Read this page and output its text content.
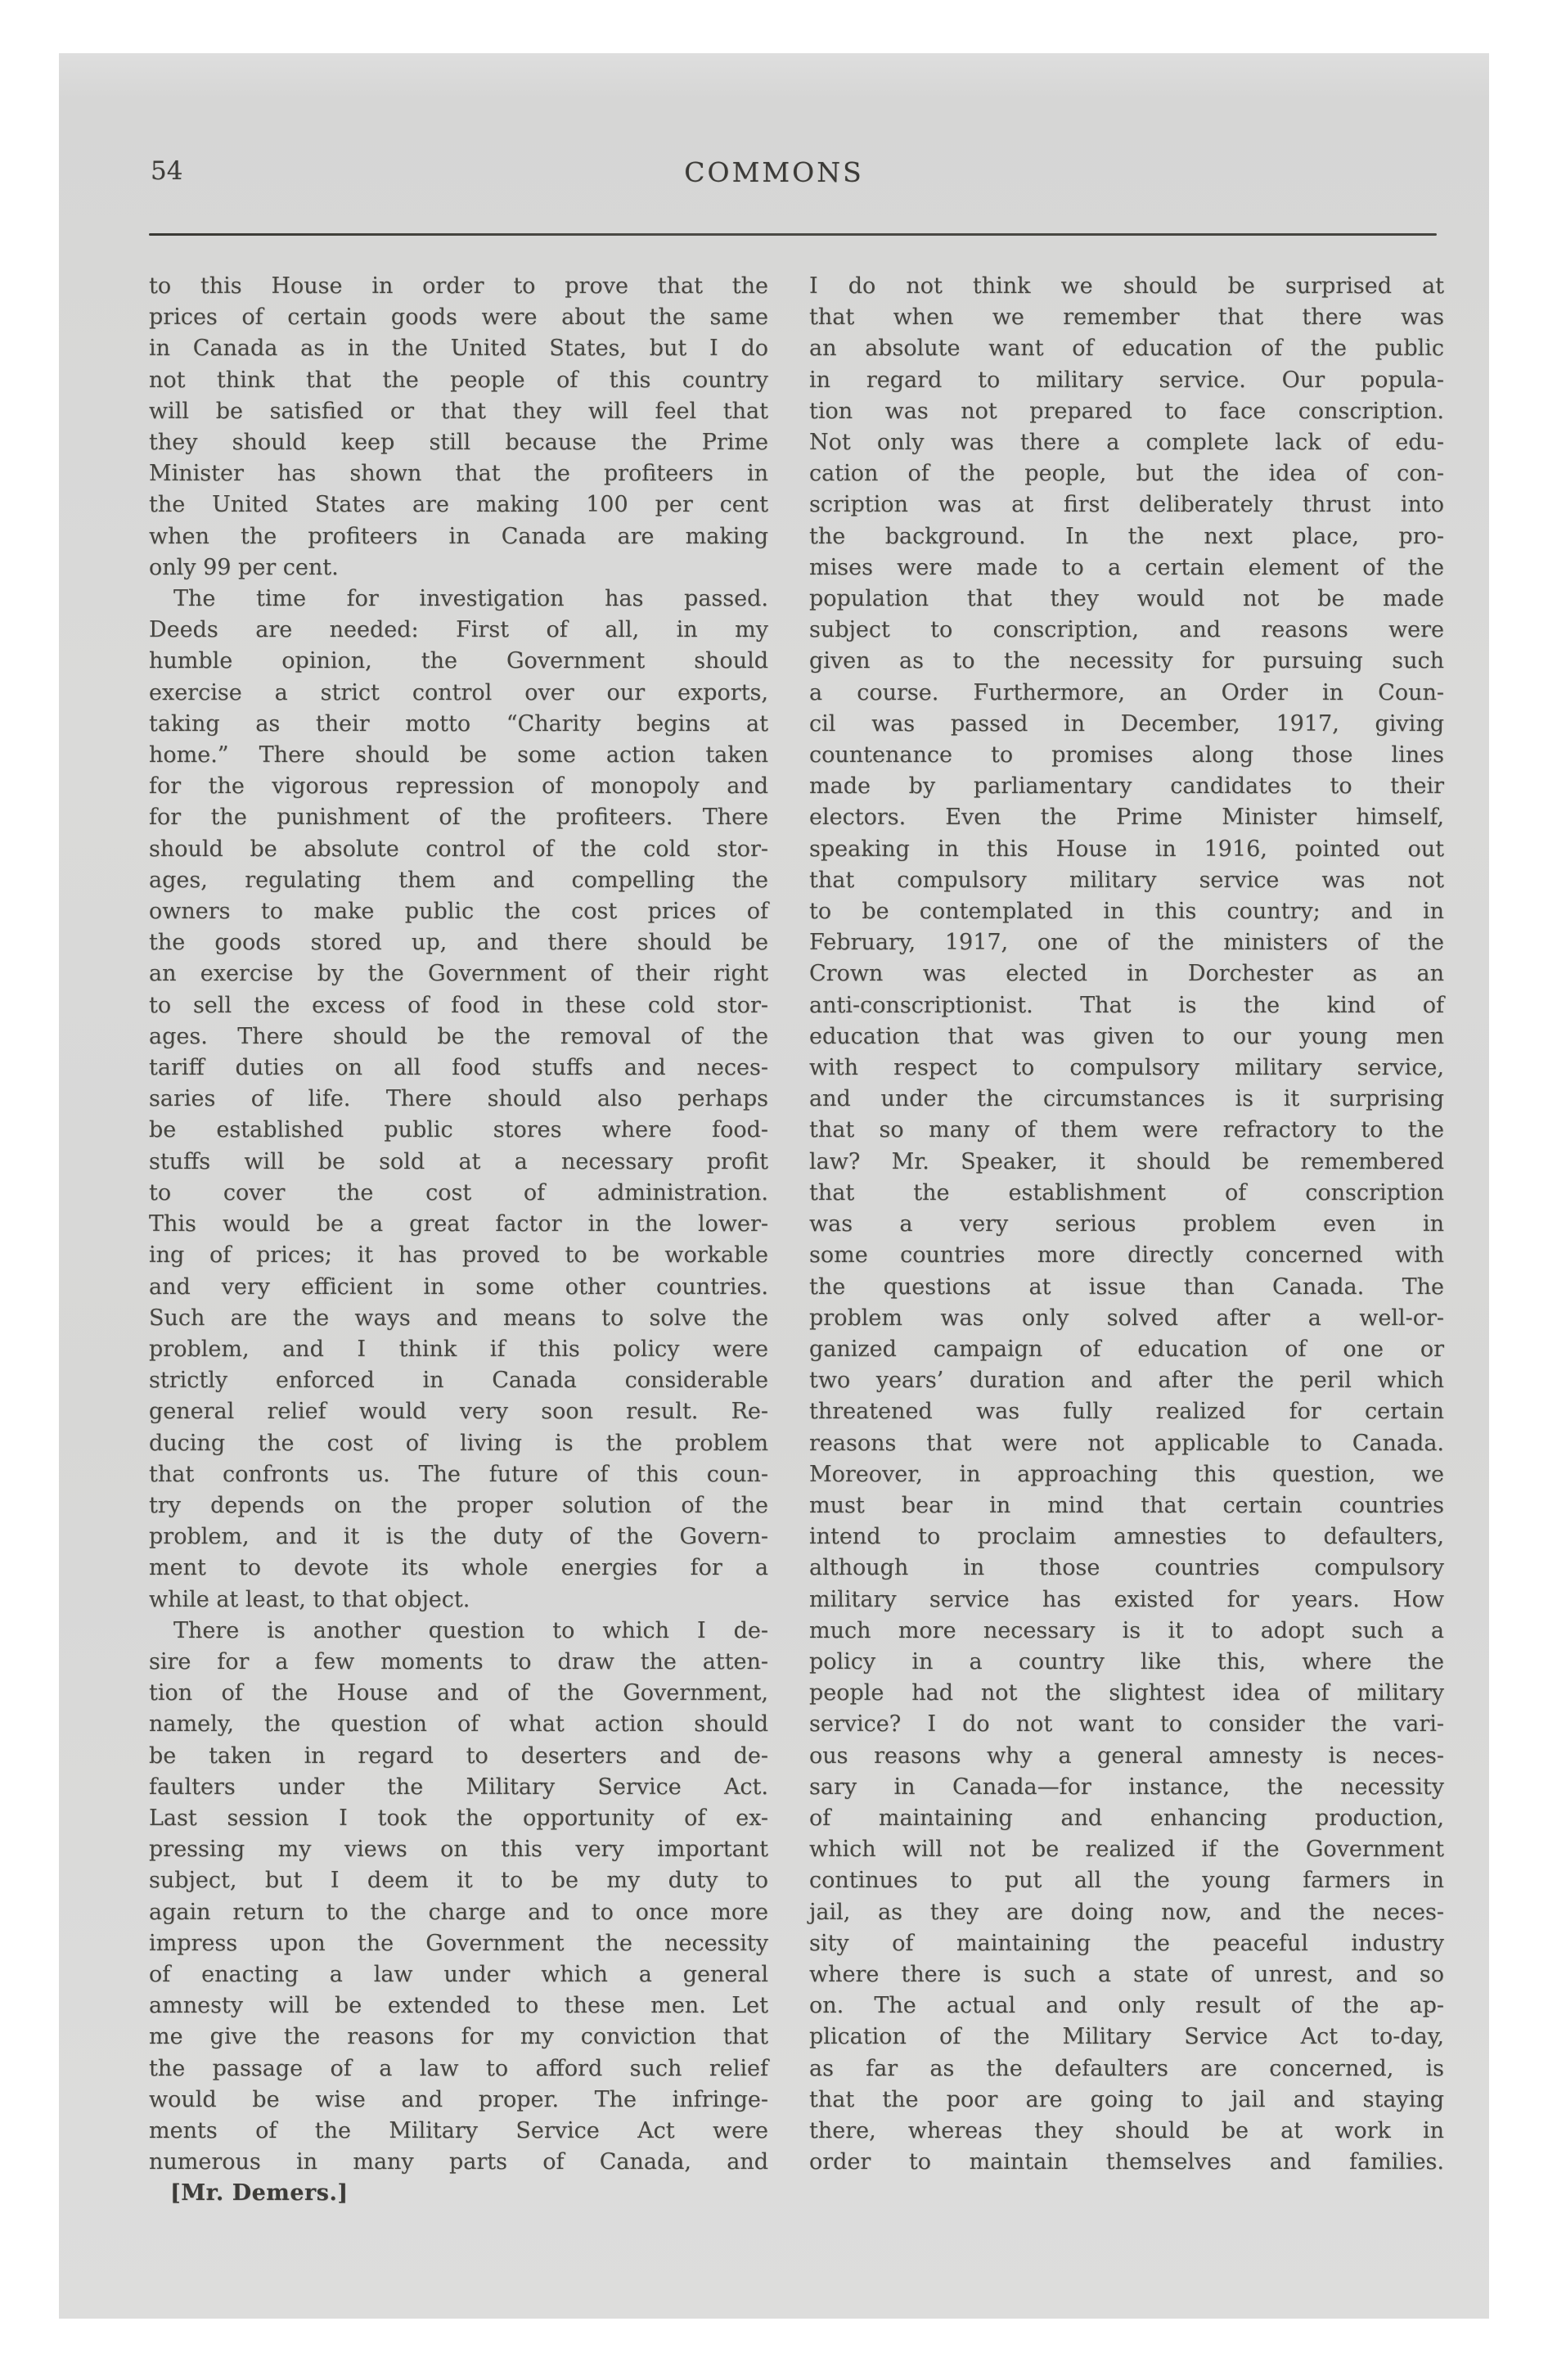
54	COMMONS
to this House in order to prove that the
prices of certain goods were about the same
in Canada as in the United States, but I do
not think that the people of this country
will be satisfied or that they will feel that
they should keep still because the Prime
Minister has shown that the profiteers in
the United States are making 100 per cent
when the profiteers in Canada are making
only 99 per cent.
The time for investigation has passed.
Deeds are needed: First of all, in my
humble opinion, the Government should
exercise a strict control over our exports,
taking as their motto “Charity begins at
home.” There should be some action taken
for the vigorous repression of monopoly and
for the punishment of the profiteers. There
should be absolute control of the cold stor-
ages, regulating them and compelling the
owners to make public the cost prices of
the goods stored up, and there should be
an exercise by the Government of their right
to sell the excess of food in these cold stor-
ages. There should be the removal of the
tariff duties on all food stuffs and neces-
saries of life. There should also perhaps
be established public stores where food-
stuffs will be sold at a necessary profit
to cover the cost of administration.
This would be a great factor in the lower-
ing of prices; it has proved to be workable
and very efficient in some other countries.
Such are the ways and means to solve the
problem, and I think if this policy were
strictly enforced in Canada considerable
general relief would very soon result. Re-
ducing the cost of living is the problem
that confronts us. The future of this coun-
try depends on the proper solution of the
problem, and it is the duty of the Govern-
ment to devote its whole energies for a
while at least, to that object.
There is another question to which I de-
sire for a few moments to draw the atten-
tion of the House and of the Government,
namely, the question of what action should
be taken in regard to deserters and de-
faulters under the Military Service Act.
Last session I took the opportunity of ex-
pressing my views on this very important
subject, but I deem it to be my duty to
again return to the charge and to once more
impress upon the Government the necessity
of enacting a law under which a general
amnesty will be extended to these men. Let
me give the reasons for my conviction that
the passage of a law to afford such relief
would be wise and proper. The infringe-
ments of the Military Service Act were
numerous in many parts of Canada, and
[Mr. Demers.]
I do not think we should be surprised at
that when we remember that there was
an absolute want of education of the public
in regard to military service. Our popula-
tion was not prepared to face conscription.
Not only was there a complete lack of edu-
cation of the people, but the idea of con-
scription was at first deliberately thrust into
the background. In the next place, pro-
mises were made to a certain element of the
population that they would not be made
subject to conscription, and reasons were
given as to the necessity for pursuing such
a course. Furthermore, an Order in Coun-
cil was passed in December, 1917, giving
countenance to promises along those lines
made by parliamentary candidates to their
electors. Even the Prime Minister himself,
speaking in this House in 1916, pointed out
that compulsory military service was not
to be contemplated in this country; and in
February, 1917, one of the ministers of the
Crown was elected in Dorchester as an
anti-conscriptionist. That is the kind of
education that was given to our young men
with respect to compulsory military service,
and under the circumstances is it surprising
that so many of them were refractory to the
law? Mr. Speaker, it should be remembered
that the establishment of conscription
was a very serious problem even in
some countries more directly concerned with
the questions at issue than Canada. The
problem was only solved after a well-or-
ganized campaign of education of one or
two years’ duration and after the peril which
threatened was fully realized for certain
reasons that were not applicable to Canada.
Moreover, in approaching this question, we
must bear in mind that certain countries
intend to proclaim amnesties to defaulters,
although in those countries compulsory
military service has existed for years. How
much more necessary is it to adopt such a
policy in a country like this, where the
people had not the slightest idea of military
service? I do not want to consider the vari-
ous reasons why a general amnesty is neces-
sary in Canada—for instance, the necessity
of maintaining and enhancing production,
which will not be realized if the Government
continues to put all the young farmers in
jail, as they are doing now, and the neces-
sity of maintaining the peaceful industry
where there is such a state of unrest, and so
on. The actual and only result of the ap-
plication of the Military Service Act to-day,
as far as the defaulters are concerned, is
that the poor are going to jail and staying
there, whereas they should be at work in
order to maintain themselves and families.
